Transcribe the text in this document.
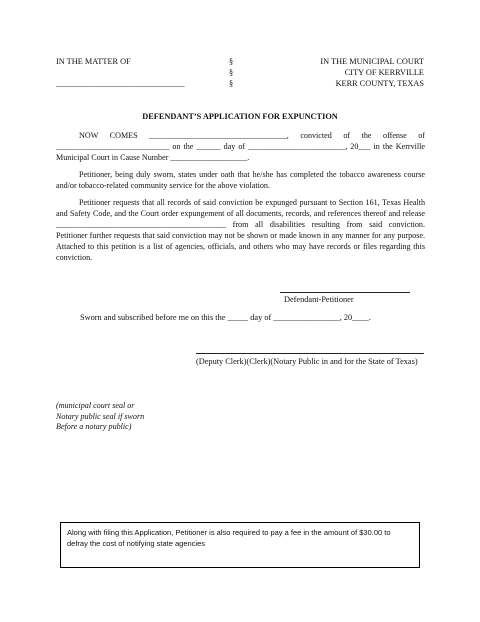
IN THE MATTER OF
_______________________________
§
§
§
IN THE MUNICIPAL COURT
CITY OF KERRVILLE
KERR COUNTY, TEXAS
DEFENDANT’S APPLICATION FOR EXPUNCTION
NOW COMES __________________________________, convicted of the offense of ____________________________ on the ______ day of ________________________, 20___ in the Kerrville Municipal Court in Cause Number ___________________.
Petitioner, being duly sworn, states under oath that he/she has completed the tobacco awareness course and/or tobacco-related community service for the above violation.
Petitioner requests that all records of said conviction be expunged pursuant to Section 161, Texas Health and Safety Code, and the Court order expungement of all documents, records, and references thereof and release __________________________________________ from all disabilities resulting from said conviction. Petitioner further requests that said conviction may not be shown or made known in any manner for any purpose. Attached to this petition is a list of agencies, officials, and others who may have records or files regarding this conviction.
Defendant-Petitioner
Sworn and subscribed before me on this the _____ day of ________________, 20____.
(Deputy Clerk)(Clerk)(Notary Public in and for the State of Texas)
(municipal court seal or
Notary public seal if sworn
Before a notary public)
Along with filing this Application, Petitioner is also required to pay a fee in the amount of $30.00 to defray the cost of notifying state agencies
